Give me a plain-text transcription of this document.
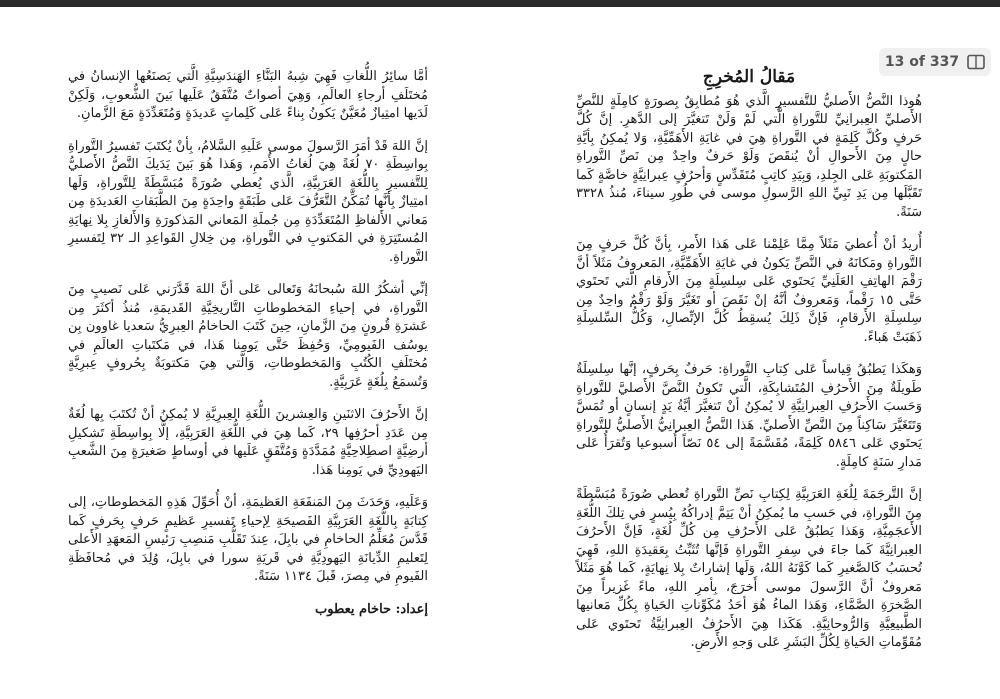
13 of 337

أمَّا سائِرُ اللُّغاتِ فَهِيَ شِبهُ البَنَّاءِ الهَندَسِيَّةِ الَّتي يَصنَعُها الإنسانُ في مُختَلَفِ أرجاءِ العالَمِ، وَهِيَ أصواتٌ مُتَّفَقٌ عَلَيها بَينَ الشُّعوبِ، وَلَكِنْ لَدَيها امتِيازٌ مُعَيَّنٌ يَكونُ بِناءً عَلى كَلِماتٍ عَديدَةٍ وَمُتَعَدِّدَةٍ مَعَ الزَّمانِ.

إنَّ اللهَ قَدْ أمَرَ الرَّسولَ موسى عَلَيهِ السَّلامُ، بِأنْ يُكتَبَ تَفسيرُ التَّوراةِ بِواسِطَةِ ٧٠ لُغَةً هِيَ لُغاتُ الأُمَمِ، وَهَذا هُوَ بَينَ يَدَيكَ النَّصُّ الأَصليُّ لِلتَّفسيرِ بِاللُّغَةِ العَرَبِيَّةِ، الَّذي يُعطي صُورَةً مُبَسَّطَةً لِلتَّوراةِ، وَلَها امتِيازٌ بِأنَّها تُمَكِّنُ التَّعَرُّفَ عَلى طَبَقَةٍ واحِدَةٍ مِنَ الطَّبَقاتِ العَديدَةِ مِن مَعاني الأَلفاظِ المُتَعَدِّدَةِ مِن جُملَةِ المَعاني المَذكورَةِ وَالأَلغازِ بِلا نِهايَةِ المُستَتِرَةِ في المَكتوبِ في التَّوراةِ، مِن خِلالِ القَواعِدِ الـ ٣٢ لِتَفسيرِ التَّوراةِ.

إنِّي أشكُرُ اللهَ سُبحانَهُ وَتَعالى عَلى أنَّ اللهَ قَدَّرَني عَلى نَصيبٍ مِنَ التَّوراةِ، في إحياءِ المَخطوطاتِ التَّاريخِيَّةِ القَديمَةِ، مُنذُ أكثَرَ مِن عَشرَةِ قُرونٍ مِنَ الزَّمانِ، حِينَ كَتَبَ الحاخامُ العِبرِيُّ سَعديا غاوون بِن يوسُف الفَيومِيِّ، وَحُفِظَ حَتَّى يَومِنا هَذا، في مَكتَباتِ العالَمِ في مُختَلَفِ الكُتُبِ وَالمَخطوطاتِ، وَالَّتي هِيَ مَكتوبَةٌ بِحُروفٍ عِبرِيَّةٍ وَتُسمَعُ بِلُغَةٍ عَرَبِيَّةٍ.

إنَّ الأَحرُفَ الاثنَينِ وَالعِشرينَ اللُّغَةِ العِبرِيَّةِ لا يُمكِنُ أنْ تُكتَبَ بِها لُغَةٌ مِن عَدَدِ أحرُفِها ٢٩، كَما هِيَ في اللُّغَةِ العَرَبِيَّةِ، إلَّا بِواسِطَةِ تَشكيلِ أرضِيَّةٍ اصطِلاحِيَّةٍ مُمَدَّدَةٍ وَمُتَّفَقٍ عَلَيها في أوساطٍ صَغيرَةٍ مِنَ الشَّعبِ اليَهودِيِّ في يَومِنا هَذا.

وَعَلَيهِ، وَحَدَثَ مِنَ المَنفَعَةِ العَظيمَةِ، أنْ أُحَوِّلَ هَذِهِ المَخطوطاتِ، إلى كِتابَةٍ بِاللُّغَةِ العَرَبِيَّةِ الفَصيحَةِ لِإحياءِ تَفسيرِ عَظيمٍ حَرفٍ بِحَرفٍ كَما قَدَّسَ مُعَلِّمُ الحاخامِ في بابِلَ، عِندَ تَقَلُّبِ مَنصِبِ رَئيسِ المَعهَدِ الأَعلى لِتَعليمِ الدِّيانَةِ اليَهودِيَّةِ في قَريَةِ سورا في بابِلَ، وُلِدَ في مُحافَظَةِ الفَيومِ في مِصرَ، قَبلَ ١١٣٤ سَنَةً.

إعداد: حاخام يعطوب
مَقالُ المُخرِجِ

هُوذا النَّصُّ الأَصليُّ للتَّفسيرِ الَّذي هُوَ مُطابِقٌ بِصورَةٍ كامِلَةٍ للنَّصِّ الأَصليِّ العِبرانِيِّ للتَّوراةِ الَّتي لَمْ وَلَنْ تَتغيَّرَ إلى الدَّهرِ. إنَّ كُلَّ حَرفٍ وكُلَّ كَلِمَةٍ في التَّوراةِ هِيَ في غايَةِ الأَهَمِّيَّةِ، وَلا يُمكِنُ بِأيَّةِ حالٍ مِنَ الأَحوالِ أنْ يُنقَصَ وَلَوْ حَرفٌ واحِدٌ مِن نَصِّ التَّوراةِ المَكتوبَةِ عَلى الجِلدِ، وَبِيَدِ كاتِبٍ مُتَقَدِّسٍ وَأحرُفٍ عِبرانِيَّةٍ خاصَّةٍ كَما تَقَبَّلَها مِن يَدِ نَبِيِّ اللهِ الرَّسولِ موسى في طُورِ سيناءَ، مُنذُ ٣٣٢٨ سَنَةً.

أُريدُ أنْ أُعطيَ مَثَلاً مِمَّا عَلِمْنا عَلى هَذا الأَمرِ، بِأنَّ كُلَّ حَرفٍ مِنَ التَّوراةِ ومَكانَهُ في النَّصِّ يَكونُ في غايَةِ الأَهَمِّيَّةِ، المَعروفُ مَثَلاً أنَّ رَقْمَ الهاتِفِ العَلَنِيِّ يَحتَوي عَلى سِلسِلَةٍ مِنَ الأَرقامِ الَّتي تَحتَوي حَتَّى ١٥ رَقْماً، وَمَعروفٌ أنَّهُ إنْ نَقَصَ أو تَغَيَّرَ وَلَوْ رَقْمٌ واحِدٌ مِن سِلسِلَةِ الأَرقامِ، فَإنَّ ذَلِكَ يُسقِطُ كُلَّ الإتِّصالِ، وَكُلُّ السِّلسِلَةِ ذَهَبَتْ هَباءً.

وَهكَذا يَطبُقُ قِياساً عَلى كِتابِ التَّوراةِ: حَرفٌ بِحَرفٍ، إنَّها سِلسِلَةٌ طَويلَةٌ مِنَ الأَحرُفِ المُتَشابِكَةِ، الَّتي تَكونُ النَّصَّ الأَصليَّ للتَّوراةِ وَحَسبَ الأَحرُفِ العِبرانِيَّةِ لا يُمكِنُ أنْ تَتغيَّرَ أيَّةُ يَدٍ إنسانٍ أو تُمَسَّ وَتَتَغَيَّرَ سَاكِناً مِنَ النَّصِّ الأَصليِّ. هَذا النَّصُّ العِبرانِيُّ الأَصليُّ للتَّوراةِ يَحتَوي عَلى ٥٨٤٦ كَلِمَةً، مُقَسَّمَةً إلى ٥٤ نَصّاً أُسبوعيا وَتُقرَأُ عَلى مَدارِ سَنَةٍ كامِلَةٍ.

إنَّ التَّرجَمَةَ لِلُغَةِ العَرَبِيَّةِ لِكِتابِ نَصِّ التَّوراةِ تُعطي صُورَةً مُبَسَّطَةً مِنَ التَّوراةِ، في حَسبِ ما يُمكِنُ أنْ يَتِمَّ إدراكُهُ بِيُسرٍ في تِلكَ اللُّغَةِ الأَعجَمِيَّةِ، وَهَذا يَطبُقُ عَلى الأَحرُفِ مِن كُلِّ لُغَةٍ، فَإنَّ الأَحرُفَ العِبرانِيَّةَ كَما جاءَ في سِفرِ التَّوراةِ فَإنَّها تُثَبِّتُ بِعَقيدَةِ اللهِ، فَهِيَ تُحسَبُ كَالصَّغيرِ كَما كَوَّنَهُ اللهُ، وَلَها إشاراتٌ بِلا نِهايَةٍ، كَما هُوَ مَثَلاً مَعروفٌ أنَّ الرَّسولَ موسى أَخرَجَ، بِأمرِ اللهِ، ماءً غَزيراً مِنَ الصَّخرَةِ الصَّمَّاءِ، وَهَذا الماءُ هُوَ أحَدُ مُكَوِّناتِ الحَياةِ بِكُلِّ مَعانيها الطَّبيعِيَّةِ وَالرُّوحانِيَّةِ. هَكَذا هِيَ الأَحرُفُ العِبرانِيَّةُ تَحتَوي عَلى مُقَوِّماتِ الحَياةِ لِكُلِّ البَشَرِ عَلى وَجهِ الأَرضِ.
